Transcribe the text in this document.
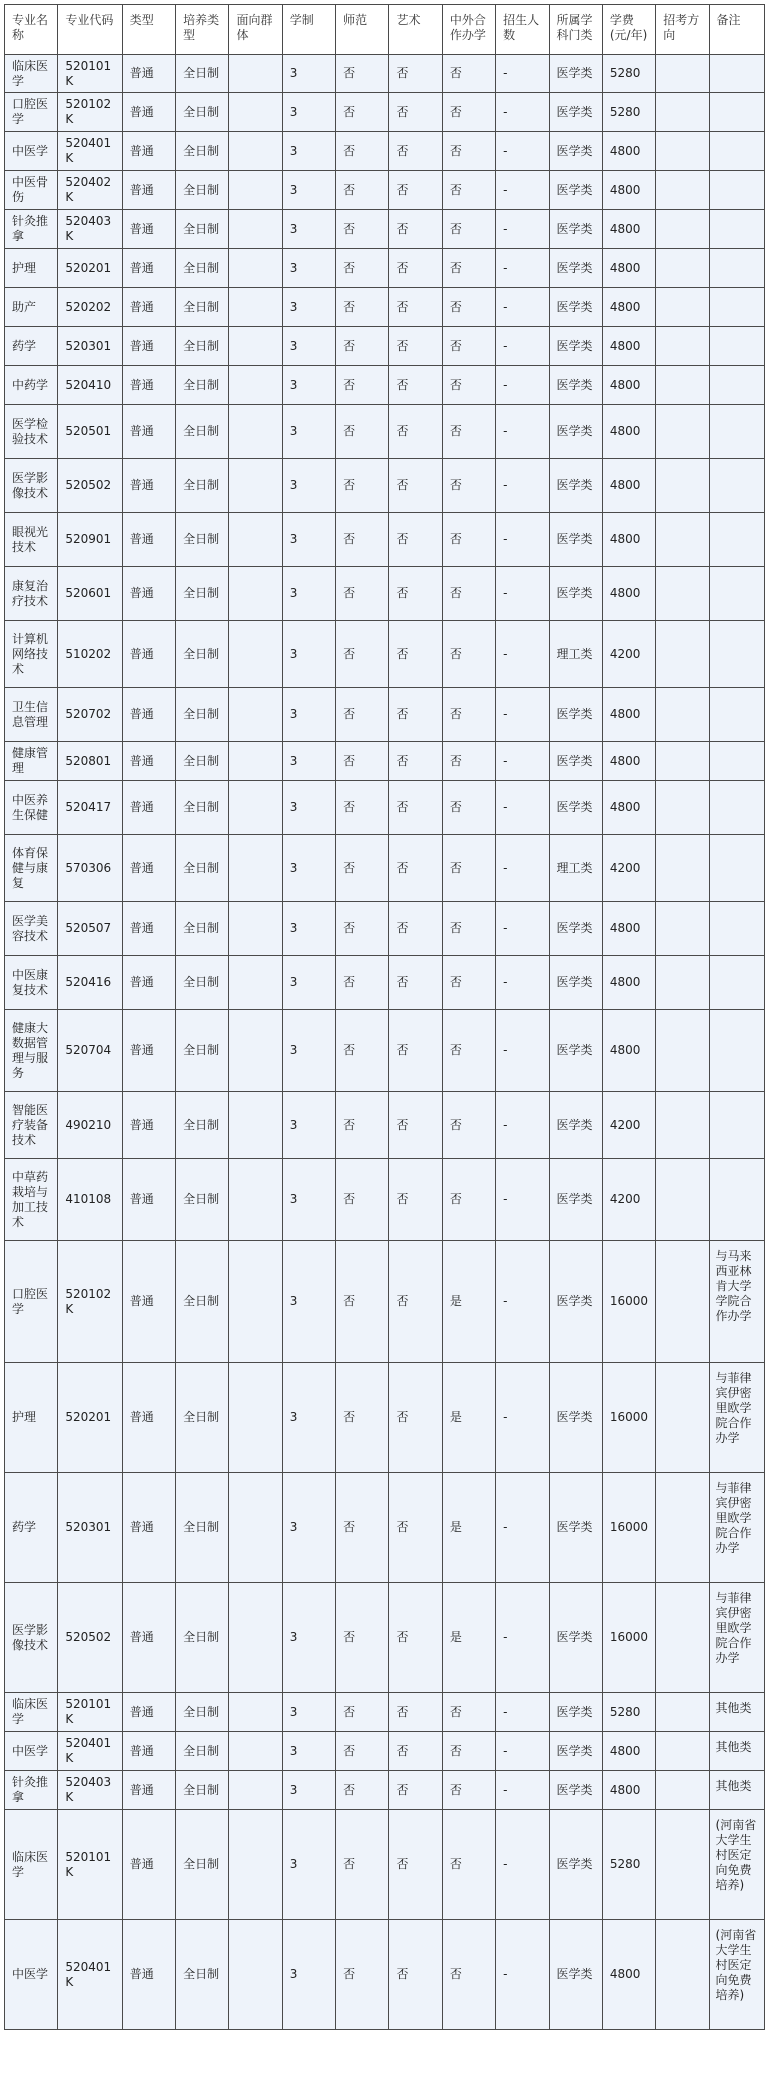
专业名称	专业代码	类型	培养类型	面向群体	学制	师范	艺术	中外合作办学	招生人数	所属学科门类	学费(元/年)	招考方向	备注
临床医学	520101K	普通	全日制		3	否	否	否	-	医学类	5280		
口腔医学	520102K	普通	全日制		3	否	否	否	-	医学类	5280		
中医学	520401K	普通	全日制		3	否	否	否	-	医学类	4800		
中医骨伤	520402K	普通	全日制		3	否	否	否	-	医学类	4800		
针灸推拿	520403K	普通	全日制		3	否	否	否	-	医学类	4800		
护理	520201	普通	全日制		3	否	否	否	-	医学类	4800		
助产	520202	普通	全日制		3	否	否	否	-	医学类	4800		
药学	520301	普通	全日制		3	否	否	否	-	医学类	4800		
中药学	520410	普通	全日制		3	否	否	否	-	医学类	4800		
医学检验技术	520501	普通	全日制		3	否	否	否	-	医学类	4800		
医学影像技术	520502	普通	全日制		3	否	否	否	-	医学类	4800		
眼视光技术	520901	普通	全日制		3	否	否	否	-	医学类	4800		
康复治疗技术	520601	普通	全日制		3	否	否	否	-	医学类	4800		
计算机网络技术	510202	普通	全日制		3	否	否	否	-	理工类	4200		
卫生信息管理	520702	普通	全日制		3	否	否	否	-	医学类	4800		
健康管理	520801	普通	全日制		3	否	否	否	-	医学类	4800		
中医养生保健	520417	普通	全日制		3	否	否	否	-	医学类	4800		
体育保健与康复	570306	普通	全日制		3	否	否	否	-	理工类	4200		
医学美容技术	520507	普通	全日制		3	否	否	否	-	医学类	4800		
中医康复技术	520416	普通	全日制		3	否	否	否	-	医学类	4800		
健康大数据管理与服务	520704	普通	全日制		3	否	否	否	-	医学类	4800		
智能医疗装备技术	490210	普通	全日制		3	否	否	否	-	医学类	4200		
中草药栽培与加工技术	410108	普通	全日制		3	否	否	否	-	医学类	4200		
口腔医学	520102K	普通	全日制		3	否	否	是	-	医学类	16000		与马来西亚林肯大学学院合作办学
护理	520201	普通	全日制		3	否	否	是	-	医学类	16000		与菲律宾伊密里欧学院合作办学
药学	520301	普通	全日制		3	否	否	是	-	医学类	16000		与菲律宾伊密里欧学院合作办学
医学影像技术	520502	普通	全日制		3	否	否	是	-	医学类	16000		与菲律宾伊密里欧学院合作办学
临床医学	520101K	普通	全日制		3	否	否	否	-	医学类	5280		其他类
中医学	520401K	普通	全日制		3	否	否	否	-	医学类	4800		其他类
针灸推拿	520403K	普通	全日制		3	否	否	否	-	医学类	4800		其他类
临床医学	520101K	普通	全日制		3	否	否	否	-	医学类	5280		(河南省大学生村医定向免费培养)
中医学	520401K	普通	全日制		3	否	否	否	-	医学类	4800		(河南省大学生村医定向免费培养)
